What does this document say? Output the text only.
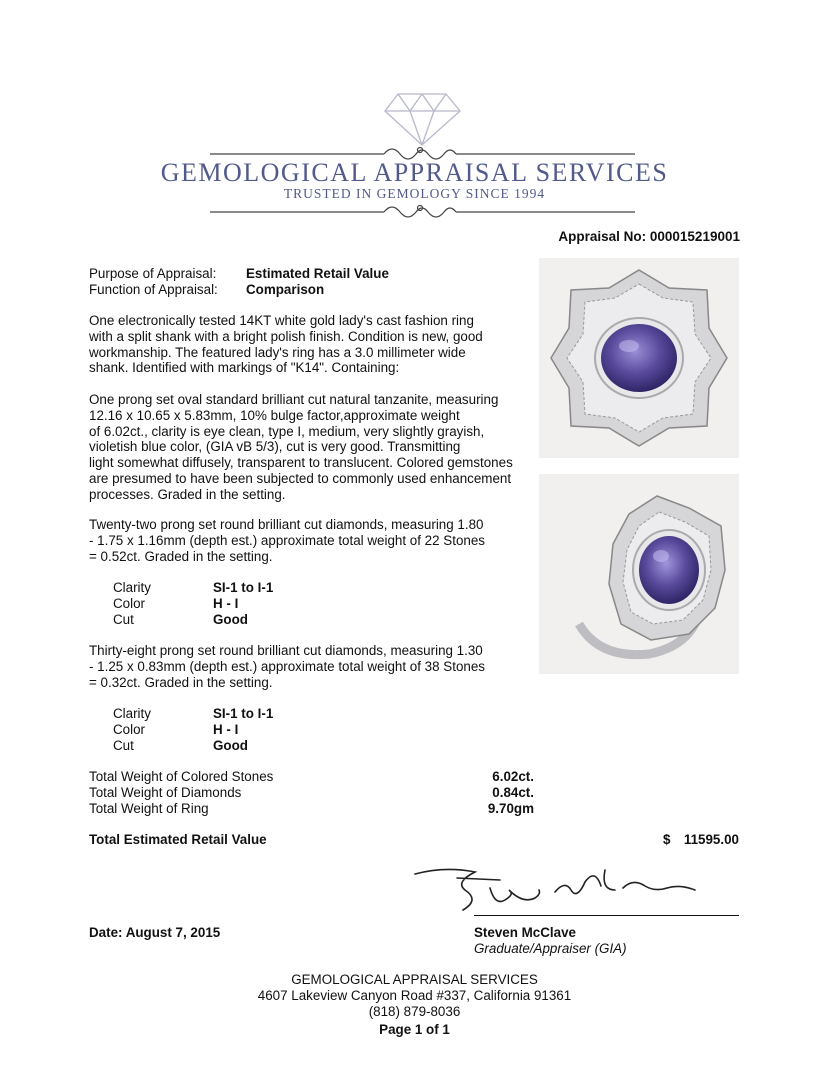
GEMOLOGICAL APPRAISAL SERVICES
TRUSTED IN GEMOLOGY SINCE 1994
Appraisal No: 000015219001
Purpose of Appraisal: Estimated Retail Value
Function of Appraisal: Comparison
One electronically tested 14KT white gold lady's cast fashion ring
with a split shank with a bright polish finish. Condition is new, good
workmanship. The featured lady's ring has a 3.0 millimeter wide
shank. Identified with markings of "K14". Containing:
One prong set oval standard brilliant cut natural tanzanite, measuring
12.16 x 10.65 x 5.83mm, 10% bulge factor,approximate weight
of 6.02ct., clarity is eye clean, type I, medium, very slightly grayish,
violetish blue color, (GIA vB 5/3), cut is very good. Transmitting
light somewhat diffusely, transparent to translucent. Colored gemstones
are presumed to have been subjected to commonly used enhancement
processes. Graded in the setting.
Twenty-two prong set round brilliant cut diamonds, measuring 1.80
- 1.75 x 1.16mm (depth est.) approximate total weight of 22 Stones
= 0.52ct. Graded in the setting.
Clarity	SI-1 to I-1
Color	H - I
Cut	Good
Thirty-eight prong set round brilliant cut diamonds, measuring 1.30
- 1.25 x 0.83mm (depth est.) approximate total weight of 38 Stones
= 0.32ct. Graded in the setting.
Clarity	SI-1 to I-1
Color	H - I
Cut	Good
Total Weight of Colored Stones	6.02ct.
Total Weight of Diamonds	0.84ct.
Total Weight of Ring	9.70gm
Total Estimated Retail Value	$ 11595.00
Date: August 7, 2015	Steven McClave
Graduate/Appraiser (GIA)
GEMOLOGICAL APPRAISAL SERVICES
4607 Lakeview Canyon Road #337, California 91361
(818) 879-8036
Page 1 of 1
